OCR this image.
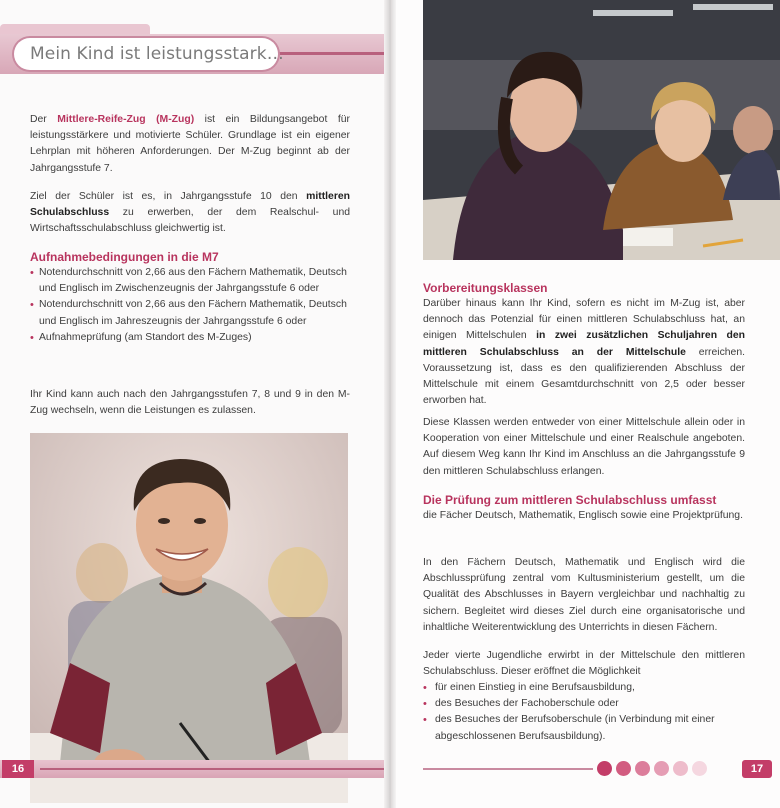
Mein Kind ist leistungsstark…

Der Mittlere-Reife-Zug (M-Zug) ist ein Bildungsangebot für leistungsstärkere und motivierte Schüler. Grundlage ist ein eigener Lehrplan mit höheren Anforderungen. Der M-Zug beginnt ab der Jahrgangsstufe 7.

Ziel der Schüler ist es, in Jahrgangsstufe 10 den mittleren Schulabschluss zu erwerben, der dem Realschul- und Wirtschaftsschulabschluss gleichwertig ist.

Aufnahmebedingungen in die M7
• Notendurchschnitt von 2,66 aus den Fächern Mathematik, Deutsch und Englisch im Zwischenzeugnis der Jahrgangsstufe 6 oder
• Notendurchschnitt von 2,66 aus den Fächern Mathematik, Deutsch und Englisch im Jahreszeugnis der Jahrgangsstufe 6 oder
• Aufnahmeprüfung (am Standort des M-Zuges)

Ihr Kind kann auch nach den Jahrgangsstufen 7, 8 und 9 in den M-Zug wechseln, wenn die Leistungen es zulassen.

Vorbereitungsklassen

Darüber hinaus kann Ihr Kind, sofern es nicht im M-Zug ist, aber dennoch das Potenzial für einen mittleren Schulabschluss hat, an einigen Mittelschulen in zwei zusätzlichen Schuljahren den mittleren Schulabschluss an der Mittelschule erreichen. Voraussetzung ist, dass es den qualifizierenden Abschluss der Mittelschule mit einem Gesamtdurchschnitt von 2,5 oder besser erworben hat.

Diese Klassen werden entweder von einer Mittelschule allein oder in Kooperation von einer Mittelschule und einer Realschule angeboten. Auf diesem Weg kann Ihr Kind im Anschluss an die Jahrgangsstufe 9 den mittleren Schulabschluss erlangen.

Die Prüfung zum mittleren Schulabschluss umfasst

die Fächer Deutsch, Mathematik, Englisch sowie eine Projektprüfung.

In den Fächern Deutsch, Mathematik und Englisch wird die Abschlussprüfung zentral vom Kultusministerium gestellt, um die Qualität des Abschlusses in Bayern vergleichbar und nachhaltig zu sichern. Begleitet wird dieses Ziel durch eine organisatorische und inhaltliche Weiterentwicklung des Unterrichts in diesen Fächern.

Jeder vierte Jugendliche erwirbt in der Mittelschule den mittleren Schulabschluss. Dieser eröffnet die Möglichkeit

• für einen Einstieg in eine Berufsausbildung,
• des Besuches der Fachoberschule oder
• des Besuches der Berufsoberschule (in Verbindung mit einer abgeschlossenen Berufsausbildung).
16	17
